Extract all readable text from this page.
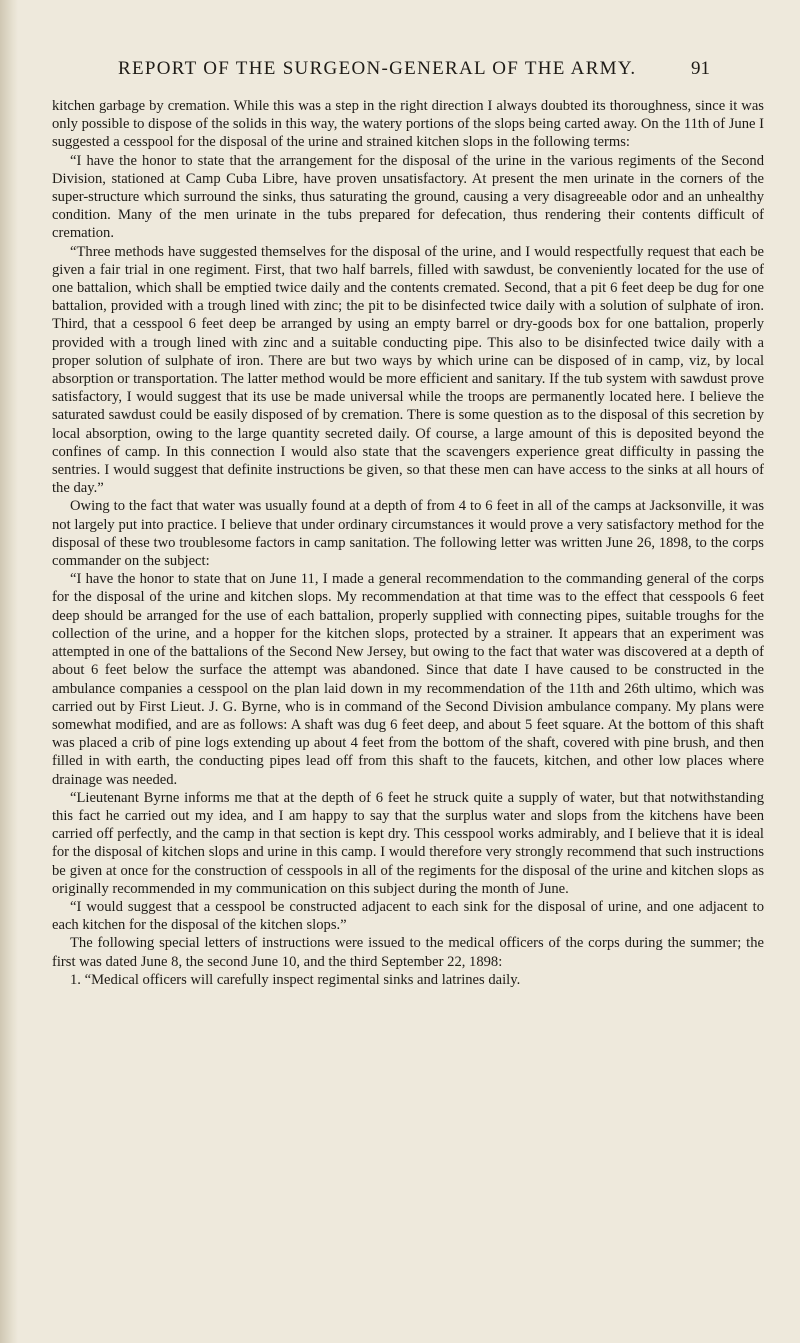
REPORT OF THE SURGEON-GENERAL OF THE ARMY.	91

kitchen garbage by cremation. While this was a step in the right direction I always doubted its thoroughness, since it was only possible to dispose of the solids in this way, the watery portions of the slops being carted away. On the 11th of June I suggested a cesspool for the disposal of the urine and strained kitchen slops in the following terms:

“I have the honor to state that the arrangement for the disposal of the urine in the various regiments of the Second Division, stationed at Camp Cuba Libre, have proven unsatisfactory. At present the men urinate in the corners of the super-structure which surround the sinks, thus saturating the ground, causing a very disagreeable odor and an unhealthy condition. Many of the men urinate in the tubs prepared for defecation, thus rendering their contents difficult of cremation.

“Three methods have suggested themselves for the disposal of the urine, and I would respectfully request that each be given a fair trial in one regiment. First, that two half barrels, filled with sawdust, be conveniently located for the use of one battalion, which shall be emptied twice daily and the contents cremated. Second, that a pit 6 feet deep be dug for one battalion, provided with a trough lined with zinc; the pit to be disinfected twice daily with a solution of sulphate of iron. Third, that a cesspool 6 feet deep be arranged by using an empty barrel or dry-goods box for one battalion, properly provided with a trough lined with zinc and a suitable conducting pipe. This also to be disinfected twice daily with a proper solution of sulphate of iron. There are but two ways by which urine can be disposed of in camp, viz, by local absorption or transportation. The latter method would be more efficient and sanitary. If the tub system with sawdust prove satisfactory, I would suggest that its use be made universal while the troops are permanently located here. I believe the saturated sawdust could be easily disposed of by cremation. There is some question as to the disposal of this secretion by local absorption, owing to the large quantity secreted daily. Of course, a large amount of this is deposited beyond the confines of camp. In this connection I would also state that the scavengers experience great difficulty in passing the sentries. I would suggest that definite instructions be given, so that these men can have access to the sinks at all hours of the day.”

Owing to the fact that water was usually found at a depth of from 4 to 6 feet in all of the camps at Jacksonville, it was not largely put into practice. I believe that under ordinary circumstances it would prove a very satisfactory method for the disposal of these two troublesome factors in camp sanitation. The following letter was written June 26, 1898, to the corps commander on the subject:

“I have the honor to state that on June 11, I made a general recommendation to the commanding general of the corps for the disposal of the urine and kitchen slops. My recommendation at that time was to the effect that cesspools 6 feet deep should be arranged for the use of each battalion, properly supplied with connecting pipes, suitable troughs for the collection of the urine, and a hopper for the kitchen slops, protected by a strainer. It appears that an experiment was attempted in one of the battalions of the Second New Jersey, but owing to the fact that water was discovered at a depth of about 6 feet below the surface the attempt was abandoned. Since that date I have caused to be constructed in the ambulance companies a cesspool on the plan laid down in my recommendation of the 11th and 26th ultimo, which was carried out by First Lieut. J. G. Byrne, who is in command of the Second Division ambulance company. My plans were somewhat modified, and are as follows: A shaft was dug 6 feet deep, and about 5 feet square. At the bottom of this shaft was placed a crib of pine logs extending up about 4 feet from the bottom of the shaft, covered with pine brush, and then filled in with earth, the conducting pipes lead off from this shaft to the faucets, kitchen, and other low places where drainage was needed.

“Lieutenant Byrne informs me that at the depth of 6 feet he struck quite a supply of water, but that notwithstanding this fact he carried out my idea, and I am happy to say that the surplus water and slops from the kitchens have been carried off perfectly, and the camp in that section is kept dry. This cesspool works admirably, and I believe that it is ideal for the disposal of kitchen slops and urine in this camp. I would therefore very strongly recommend that such instructions be given at once for the construction of cesspools in all of the regiments for the disposal of the urine and kitchen slops as originally recommended in my communication on this subject during the month of June.

“I would suggest that a cesspool be constructed adjacent to each sink for the disposal of urine, and one adjacent to each kitchen for the disposal of the kitchen slops.”

The following special letters of instructions were issued to the medical officers of the corps during the summer; the first was dated June 8, the second June 10, and the third September 22, 1898:

1. “Medical officers will carefully inspect regimental sinks and latrines daily.
